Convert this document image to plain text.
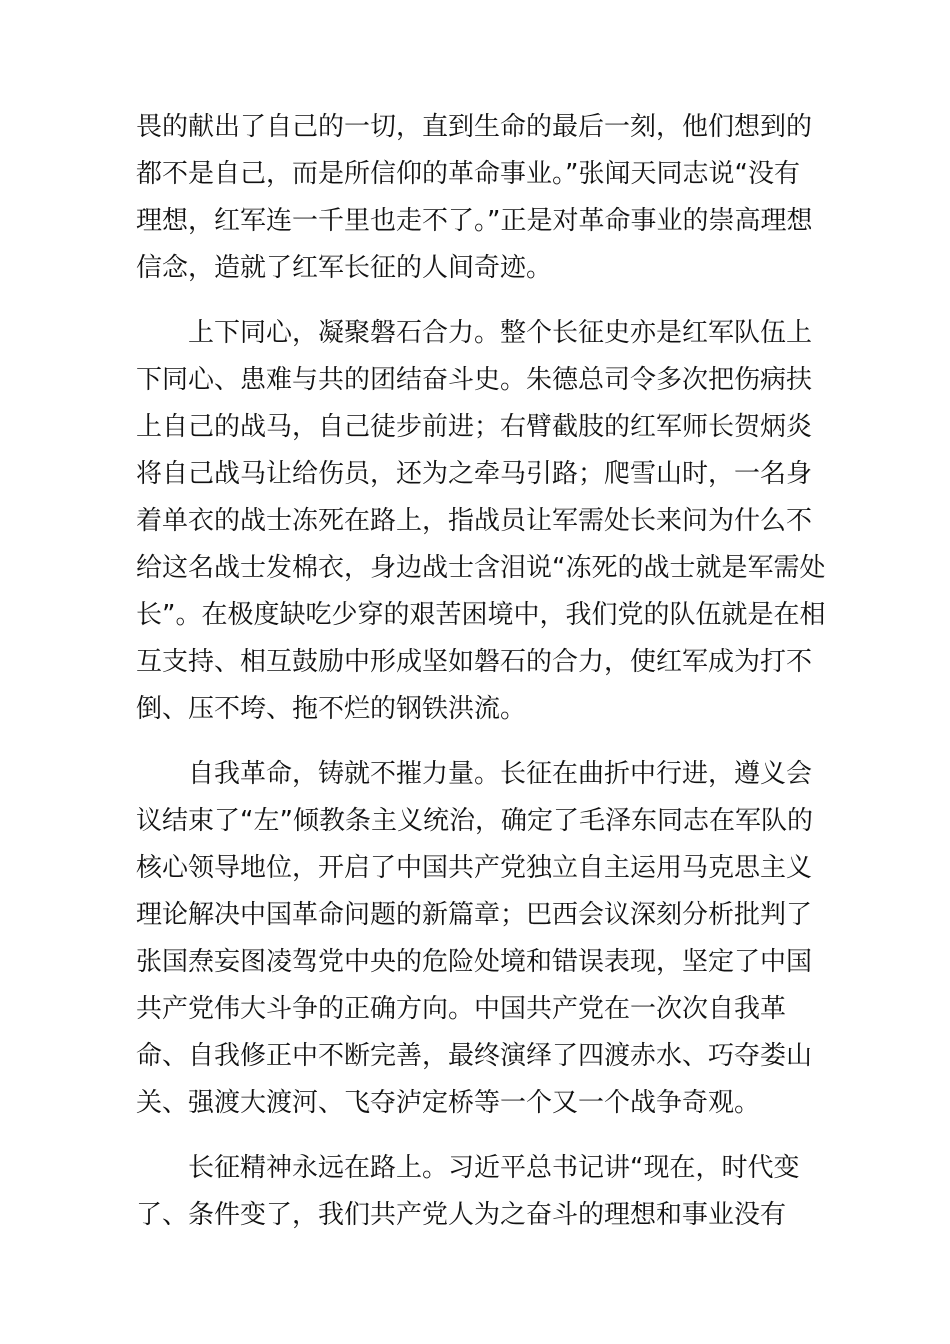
畏的献出了自己的一切，直到生命的最后一刻，他们想到的
都不是自己，而是所信仰的革命事业。”张闻天同志说“没有
理想，红军连一千里也走不了。”正是对革命事业的崇高理想
信念，造就了红军长征的人间奇迹。
上下同心，凝聚磐石合力。整个长征史亦是红军队伍上
下同心、患难与共的团结奋斗史。朱德总司令多次把伤病扶
上自己的战马，自己徒步前进；右臂截肢的红军师长贺炳炎
将自己战马让给伤员，还为之牵马引路；爬雪山时，一名身
着单衣的战士冻死在路上，指战员让军需处长来问为什么不
给这名战士发棉衣，身边战士含泪说“冻死的战士就是军需处
长”。在极度缺吃少穿的艰苦困境中，我们党的队伍就是在相
互支持、相互鼓励中形成坚如磐石的合力，使红军成为打不
倒、压不垮、拖不烂的钢铁洪流。
自我革命，铸就不摧力量。长征在曲折中行进，遵义会
议结束了“左”倾教条主义统治，确定了毛泽东同志在军队的
核心领导地位，开启了中国共产党独立自主运用马克思主义
理论解决中国革命问题的新篇章；巴西会议深刻分析批判了
张国焘妄图凌驾党中央的危险处境和错误表现，坚定了中国
共产党伟大斗争的正确方向。中国共产党在一次次自我革
命、自我修正中不断完善，最终演绎了四渡赤水、巧夺娄山
关、强渡大渡河、飞夺泸定桥等一个又一个战争奇观。
长征精神永远在路上。习近平总书记讲“现在，时代变
了、条件变了，我们共产党人为之奋斗的理想和事业没有
